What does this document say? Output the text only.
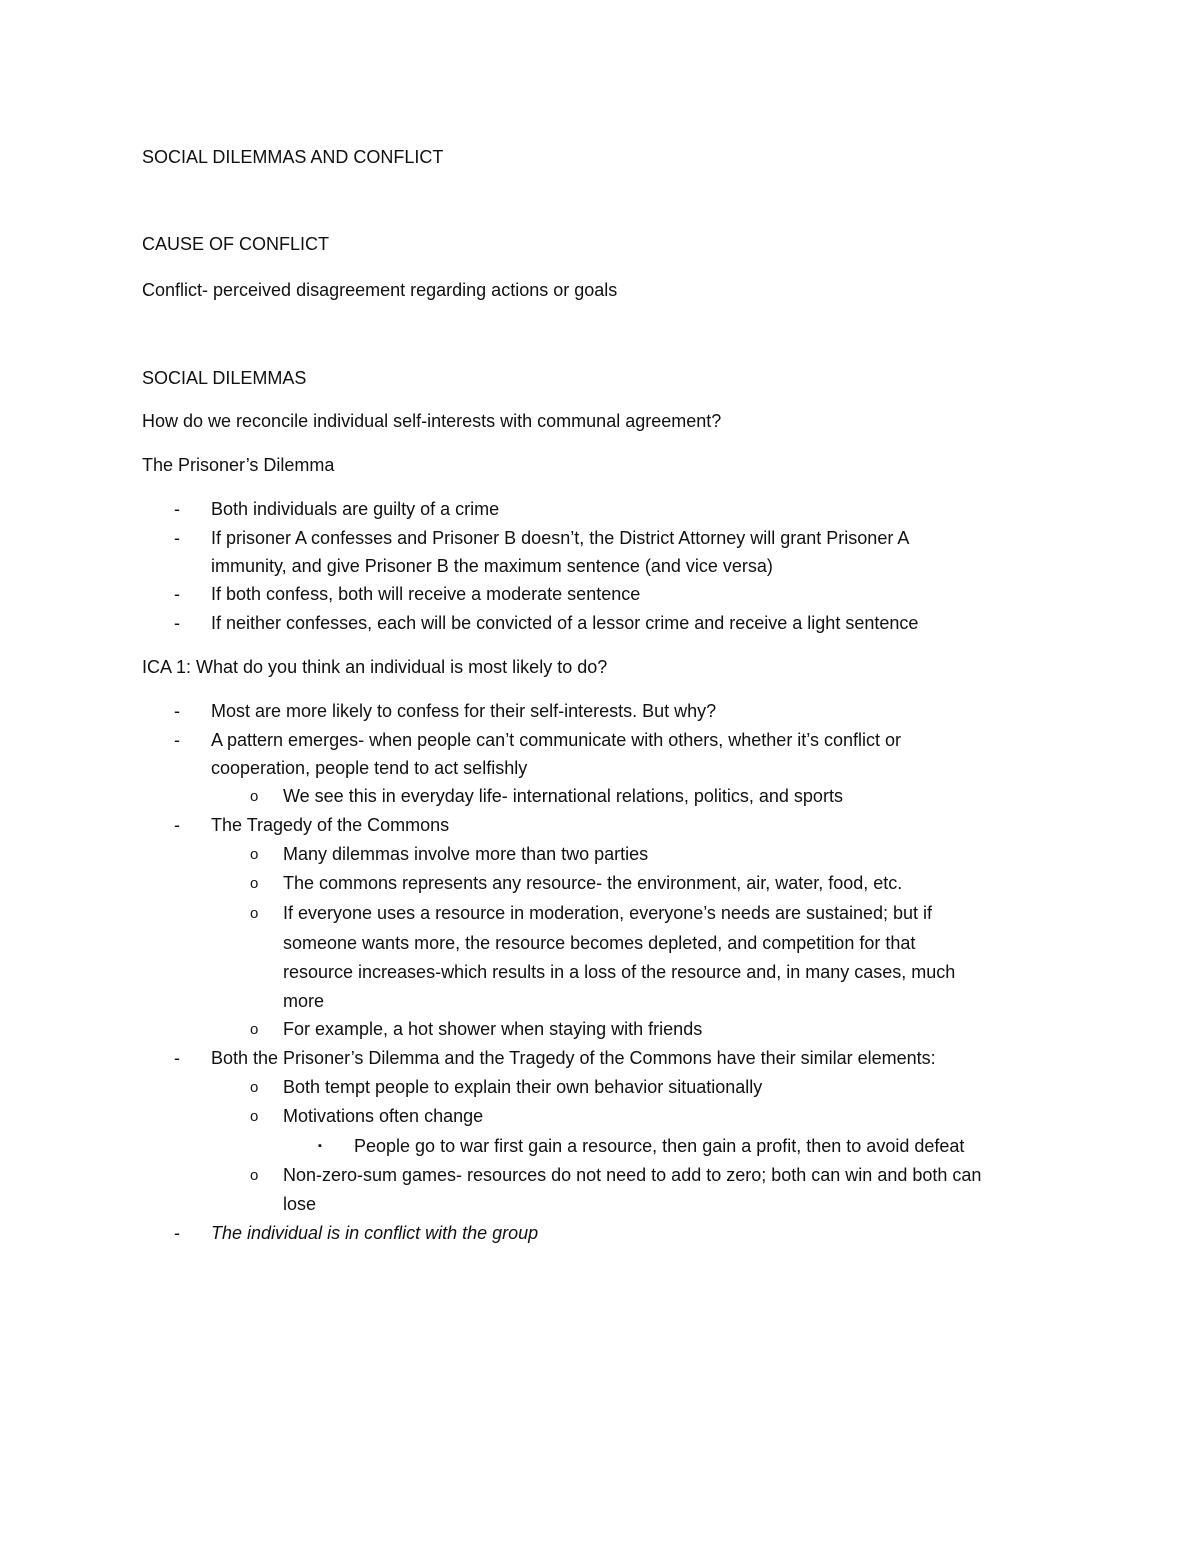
SOCIAL DILEMMAS AND CONFLICT
CAUSE OF CONFLICT
Conflict- perceived disagreement regarding actions or goals
SOCIAL DILEMMAS
How do we reconcile individual self-interests with communal agreement?
The Prisoner’s Dilemma
- Both individuals are guilty of a crime
- If prisoner A confesses and Prisoner B doesn’t, the District Attorney will grant Prisoner A
immunity, and give Prisoner B the maximum sentence (and vice versa)
- If both confess, both will receive a moderate sentence
- If neither confesses, each will be convicted of a lessor crime and receive a light sentence
ICA 1: What do you think an individual is most likely to do?
- Most are more likely to confess for their self-interests. But why?
- A pattern emerges- when people can’t communicate with others, whether it’s conflict or
cooperation, people tend to act selfishly
o We see this in everyday life- international relations, politics, and sports
- The Tragedy of the Commons
o Many dilemmas involve more than two parties
o The commons represents any resource- the environment, air, water, food, etc.
o If everyone uses a resource in moderation, everyone’s needs are sustained; but if
someone wants more, the resource becomes depleted, and competition for that
resource increases-which results in a loss of the resource and, in many cases, much
more
o For example, a hot shower when staying with friends
- Both the Prisoner’s Dilemma and the Tragedy of the Commons have their similar elements:
o Both tempt people to explain their own behavior situationally
o Motivations often change
▪ People go to war first gain a resource, then gain a profit, then to avoid defeat
o Non-zero-sum games- resources do not need to add to zero; both can win and both can
lose
- The individual is in conflict with the group
